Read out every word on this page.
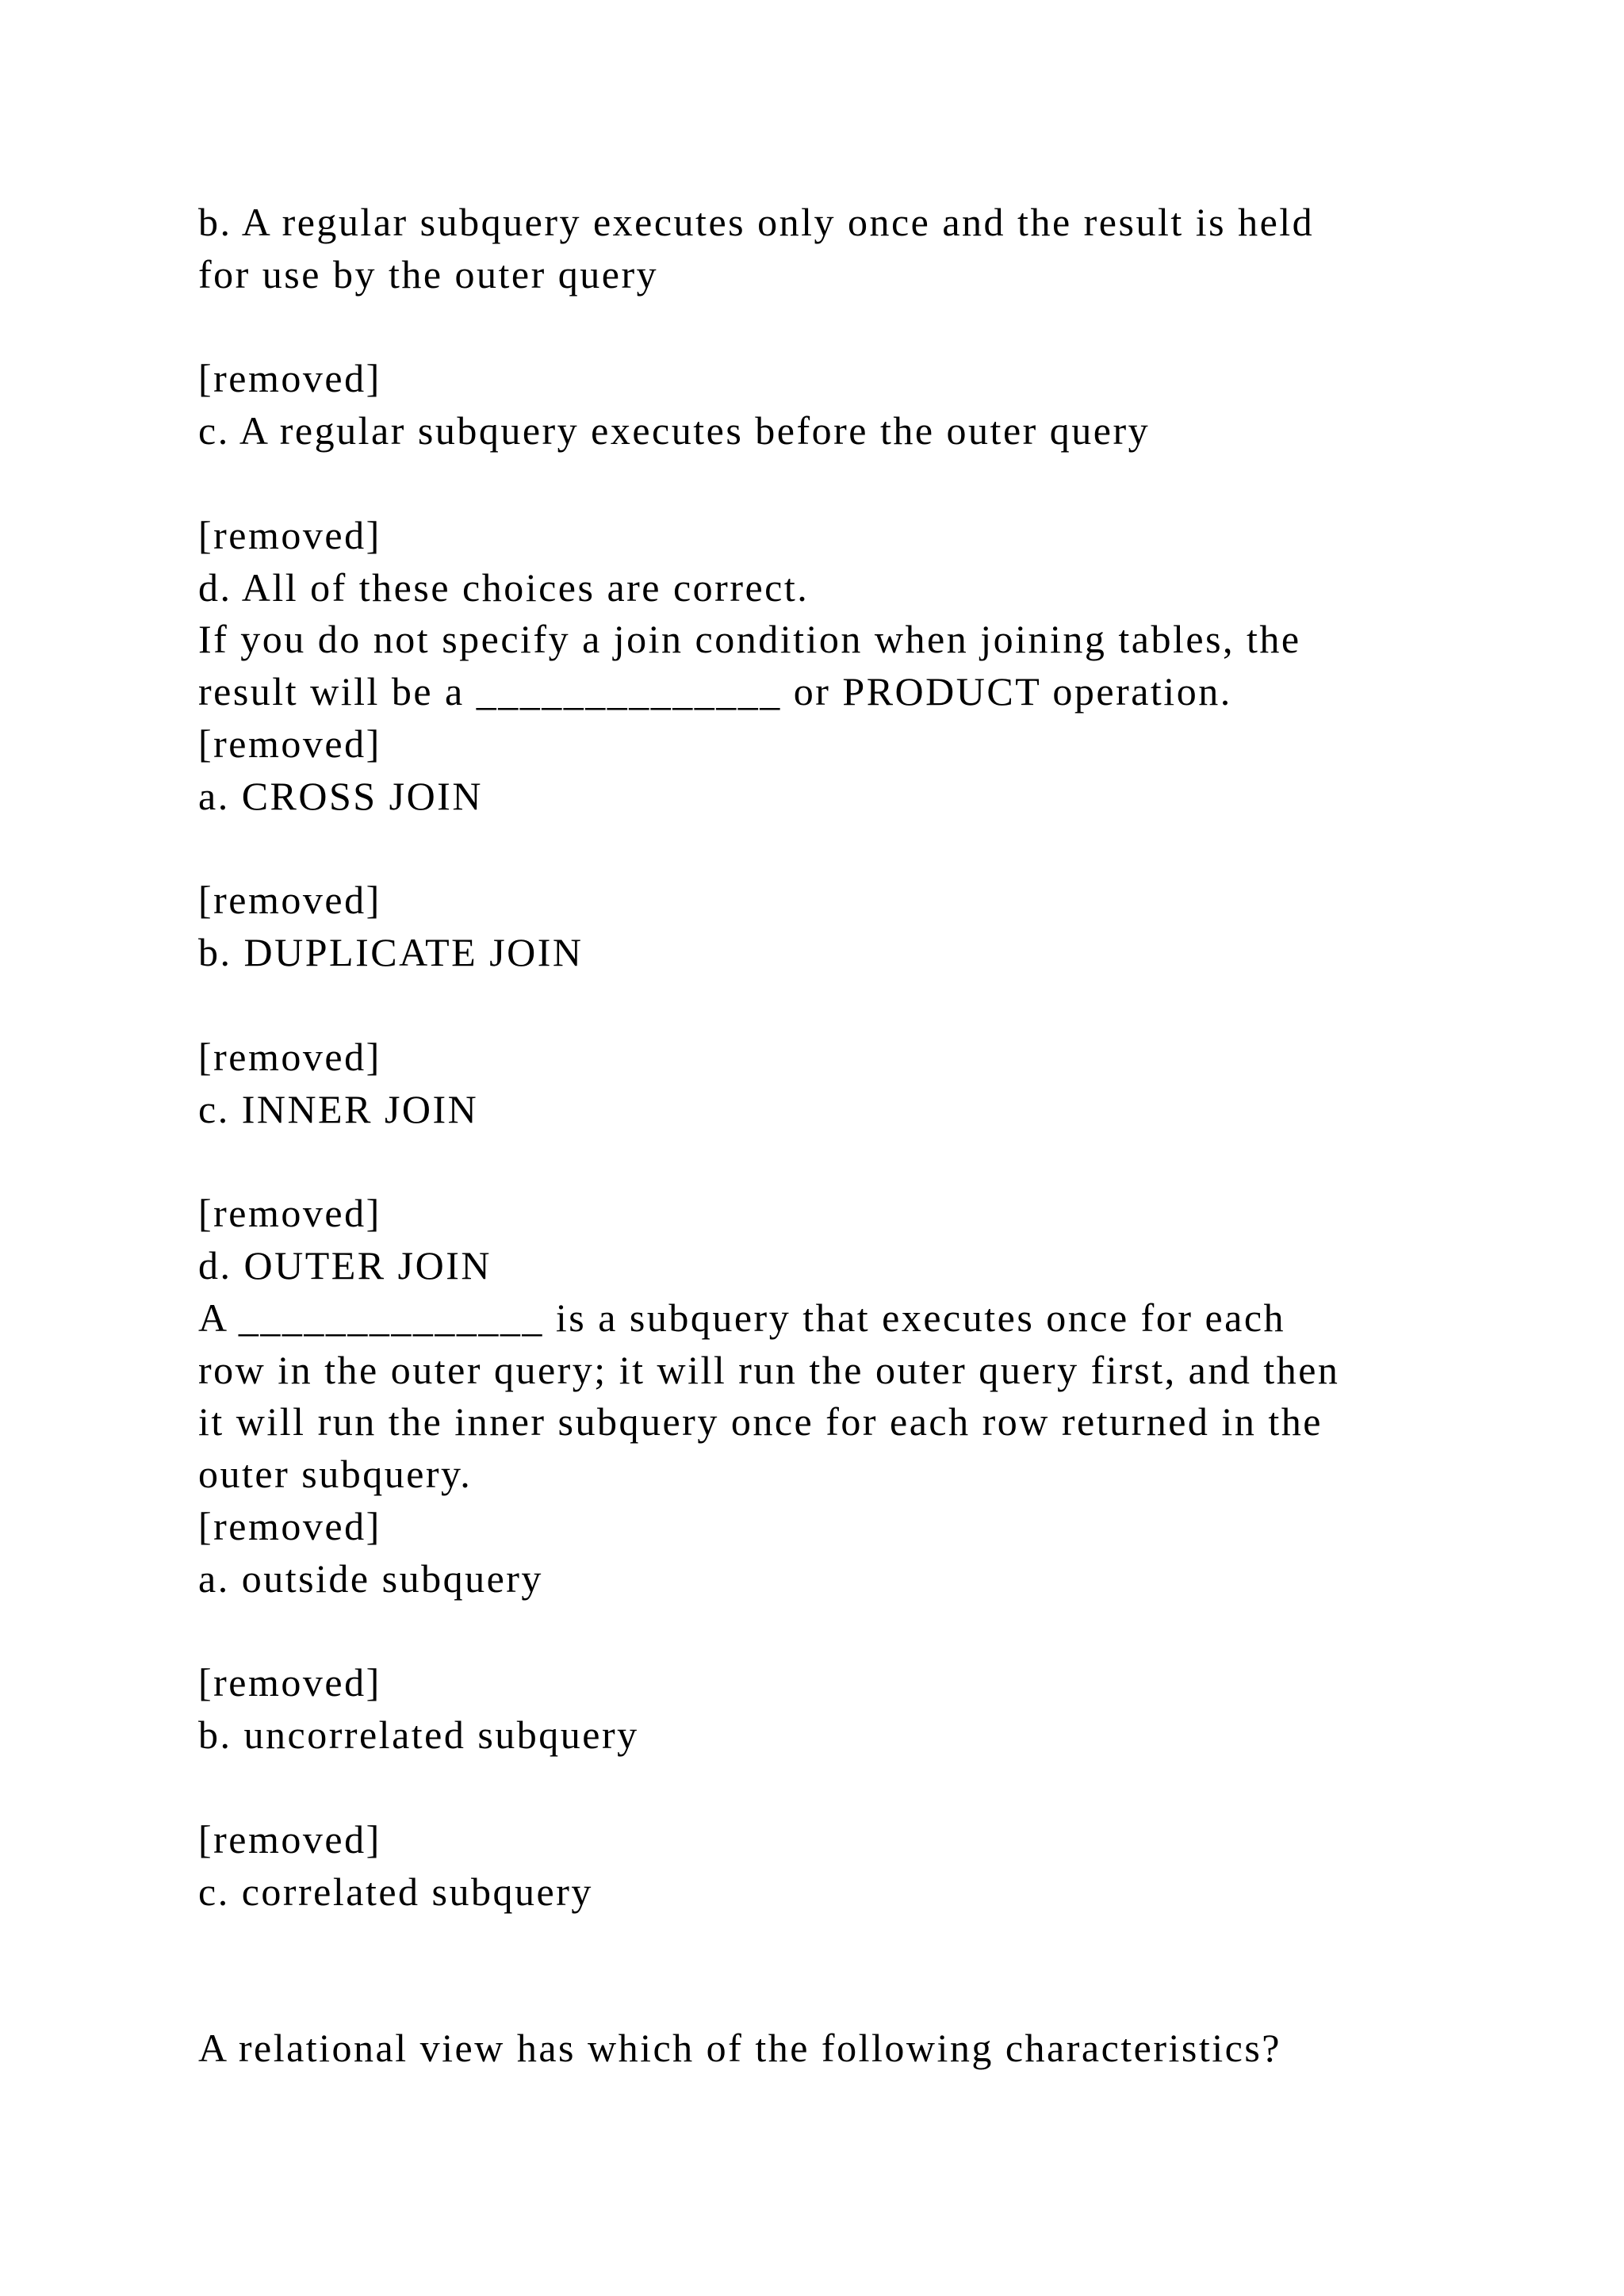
b. A regular subquery executes only once and the result is held
for use by the outer query
[removed]
c. A regular subquery executes before the outer query
[removed]
d. All of these choices are correct.
If you do not specify a join condition when joining tables, the
result will be a ______________ or PRODUCT operation.
[removed]
a. CROSS JOIN
[removed]
b. DUPLICATE JOIN
[removed]
c. INNER JOIN
[removed]
d. OUTER JOIN
A ______________ is a subquery that executes once for each
row in the outer query; it will run the outer query first, and then
it will run the inner subquery once for each row returned in the
outer subquery.
[removed]
a. outside subquery
[removed]
b. uncorrelated subquery
[removed]
c. correlated subquery
A relational view has which of the following characteristics?
